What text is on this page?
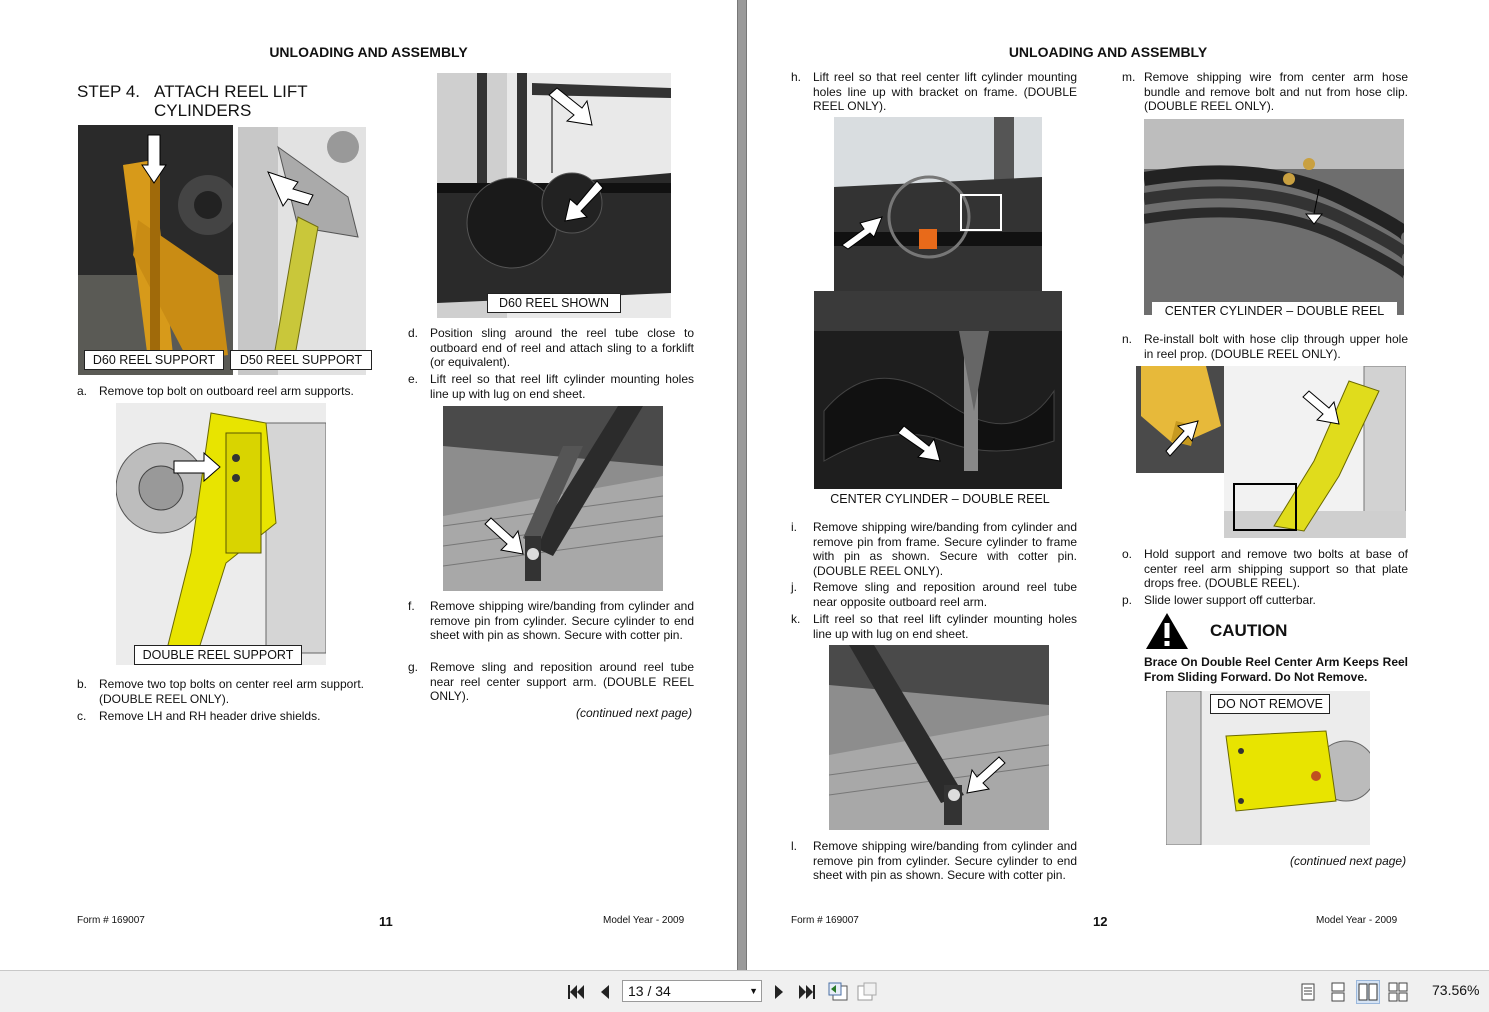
UNLOADING AND ASSEMBLY
STEP 4. ATTACH REEL LIFT
CYLINDERS
D60 REEL SUPPORT	D50 REEL SUPPORT
a. Remove top bolt on outboard reel arm supports.
DOUBLE REEL SUPPORT
b. Remove two top bolts on center reel arm support. (DOUBLE REEL ONLY).
c. Remove LH and RH header drive shields.
D60 REEL SHOWN
d. Position sling around the reel tube close to outboard end of reel and attach sling to a forklift (or equivalent).
e. Lift reel so that reel lift cylinder mounting holes line up with lug on end sheet.
f. Remove shipping wire/banding from cylinder and remove pin from cylinder. Secure cylinder to end sheet with pin as shown. Secure with cotter pin.
g. Remove sling and reposition around reel tube near reel center support arm. (DOUBLE REEL ONLY).
(continued next page)
Form # 169007	11	Model Year - 2009
UNLOADING AND ASSEMBLY
h. Lift reel so that reel center lift cylinder mounting holes line up with bracket on frame. (DOUBLE REEL ONLY).
CENTER CYLINDER – DOUBLE REEL
i. Remove shipping wire/banding from cylinder and remove pin from frame. Secure cylinder to frame with pin as shown. Secure with cotter pin. (DOUBLE REEL ONLY).
j. Remove sling and reposition around reel tube near opposite outboard reel arm.
k. Lift reel so that reel lift cylinder mounting holes line up with lug on end sheet.
l. Remove shipping wire/banding from cylinder and remove pin from cylinder. Secure cylinder to end sheet with pin as shown. Secure with cotter pin.
m. Remove shipping wire from center arm hose bundle and remove bolt and nut from hose clip. (DOUBLE REEL ONLY).
CENTER CYLINDER – DOUBLE REEL
n. Re-install bolt with hose clip through upper hole in reel prop. (DOUBLE REEL ONLY).
o. Hold support and remove two bolts at base of center reel arm shipping support so that plate drops free. (DOUBLE REEL).
p. Slide lower support off cutterbar.
CAUTION
Brace On Double Reel Center Arm Keeps Reel From Sliding Forward. Do Not Remove.
DO NOT REMOVE
(continued next page)
Form # 169007	12	Model Year - 2009
13 / 34	▼	73.56%
